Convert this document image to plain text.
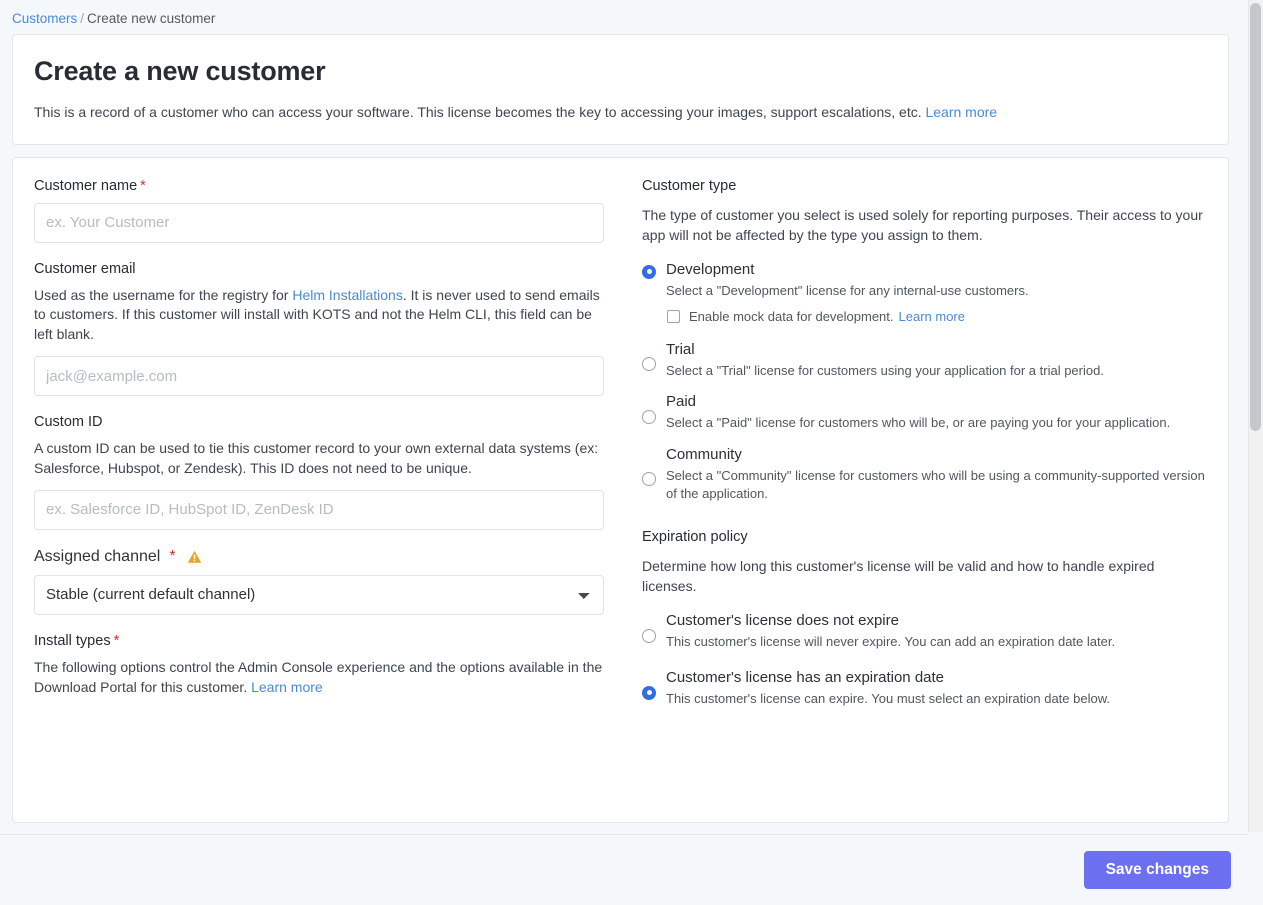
Customers / Create new customer
Create a new customer

This is a record of a customer who can access your software. This license becomes the key to accessing your images, support escalations, etc. Learn more

Customer name *
ex. Your Customer
Customer email

Used as the username for the registry for Helm Installations. It is never used to send emails to customers. If this customer will install with KOTS and not the Helm CLI, this field can be left blank.

jack@example.com
Custom ID

A custom ID can be used to tie this customer record to your own external data systems (ex: Salesforce, Hubspot, or Zendesk). This ID does not need to be unique.

ex. Salesforce ID, HubSpot ID, ZenDesk ID
Assigned channel *
Stable (current default channel)
Install types *

The following options control the Admin Console experience and the options available in the Download Portal for this customer. Learn more

Customer type

The type of customer you select is used solely for reporting purposes. Their access to your app will not be affected by the type you assign to them.

Development

Select a "Development" license for any internal-use customers.

Enable mock data for development. Learn more
Trial

Select a "Trial" license for customers using your application for a trial period.

Paid

Select a "Paid" license for customers who will be, or are paying you for your application.

Community

Select a "Community" license for customers who will be using a community-supported version of the application.

Expiration policy

Determine how long this customer's license will be valid and how to handle expired licenses.

Customer's license does not expire

This customer's license will never expire. You can add an expiration date later.

Customer's license has an expiration date

This customer's license can expire. You must select an expiration date below.

Save changes
